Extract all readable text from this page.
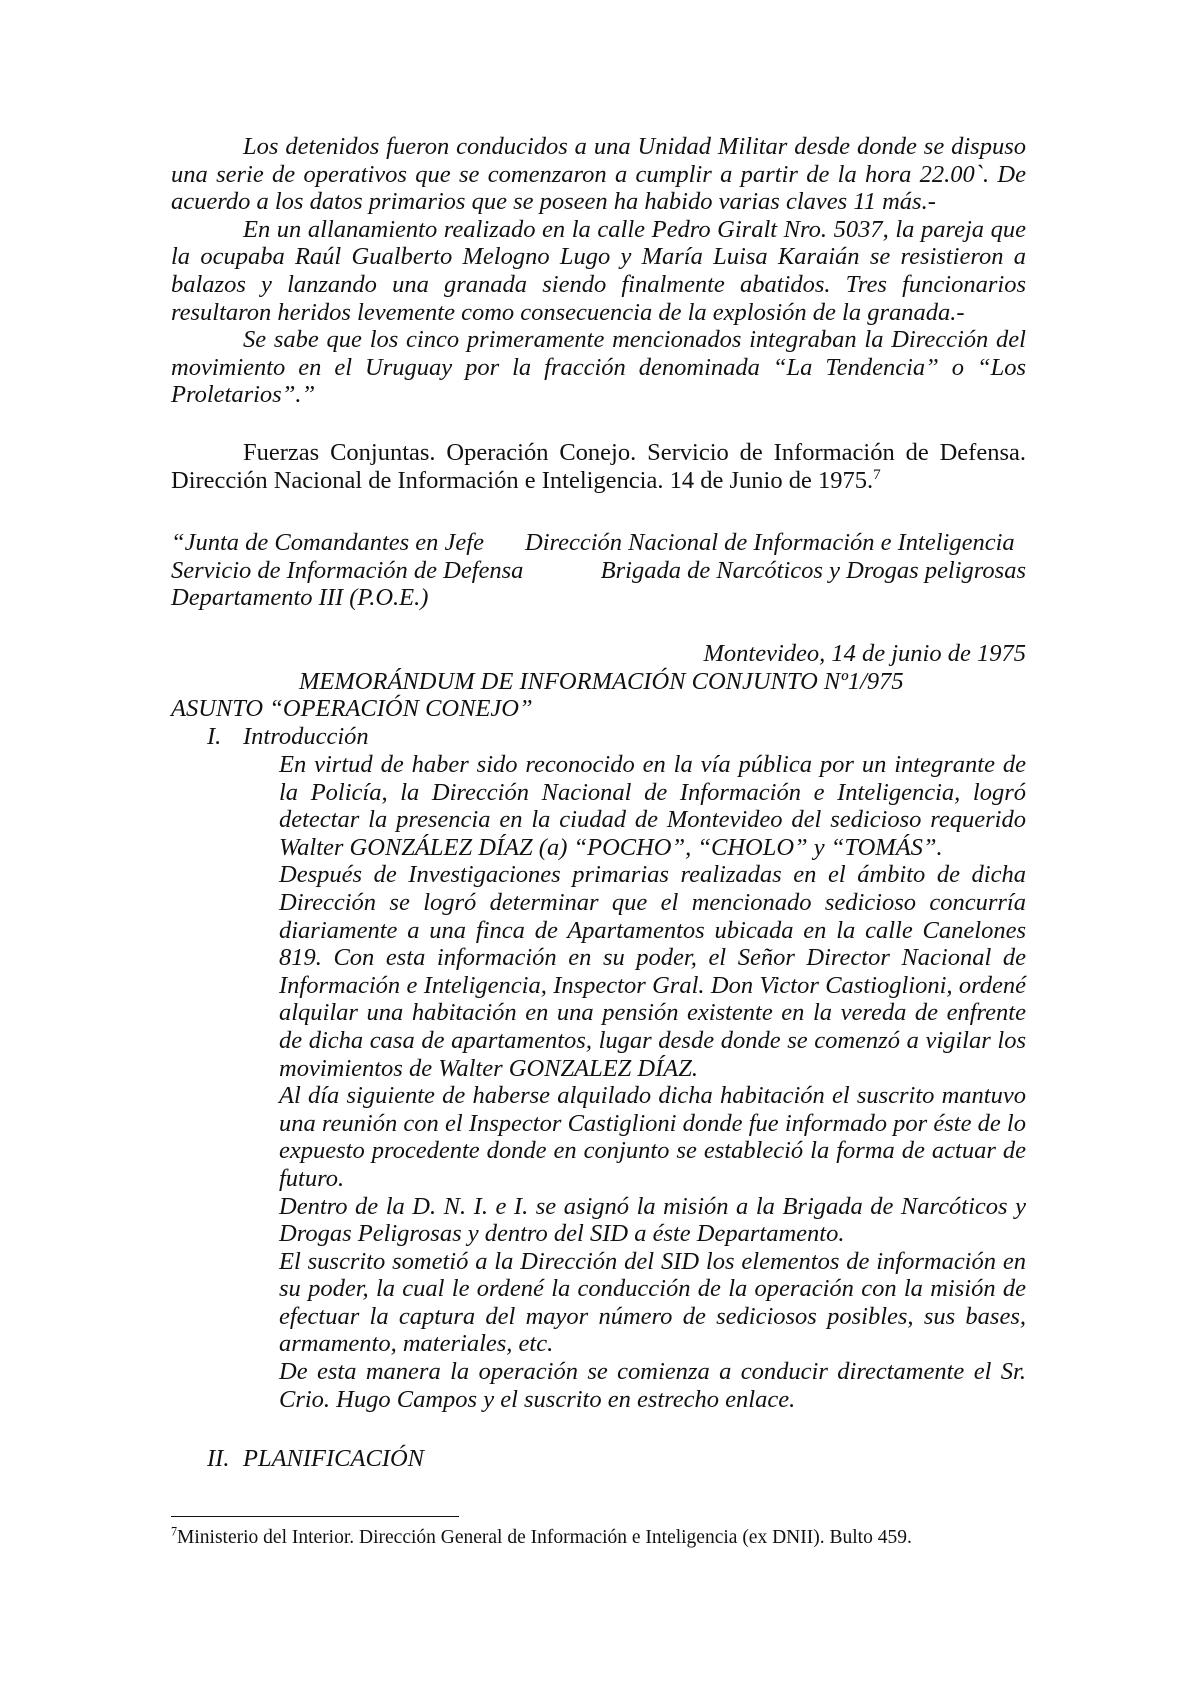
Los detenidos fueron conducidos a una Unidad Militar desde donde se dispuso una serie de operativos que se comenzaron a cumplir a partir de la hora 22.00`. De acuerdo a los datos primarios que se poseen ha habido varias claves 11 más.-

En un allanamiento realizado en la calle Pedro Giralt Nro. 5037, la pareja que la ocupaba Raúl Gualberto Melogno Lugo y María Luisa Karaián se resistieron a balazos y lanzando una granada siendo finalmente abatidos. Tres funcionarios resultaron heridos levemente como consecuencia de la explosión de la granada.-

Se sabe que los cinco primeramente mencionados integraban la Dirección del movimiento en el Uruguay por la fracción denominada “La Tendencia” o “Los Proletarios”.”

Fuerzas Conjuntas. Operación Conejo. Servicio de Información de Defensa. Dirección Nacional de Información e Inteligencia. 14 de Junio de 1975.$^7$

“Junta de Comandantes en Jefe Dirección Nacional de Información e Inteligencia
Servicio de Información de Defensa	Brigada de Narcóticos y Drogas peligrosas
Departamento III (P.O.E.)
Montevideo, 14 de junio de 1975
MEMORÁNDUM DE INFORMACIÓN CONJUNTO Nº1/975
ASUNTO “OPERACIÓN CONEJO”
I. Introducción

En virtud de haber sido reconocido en la vía pública por un integrante de la Policía, la Dirección Nacional de Información e Inteligencia, logró detectar la presencia en la ciudad de Montevideo del sedicioso requerido Walter GONZÁLEZ DÍAZ (a) “POCHO”, “CHOLO” y “TOMÁS”.

Después de Investigaciones primarias realizadas en el ámbito de dicha Dirección se logró determinar que el mencionado sedicioso concurría diariamente a una finca de Apartamentos ubicada en la calle Canelones 819. Con esta información en su poder, el Señor Director Nacional de Información e Inteligencia, Inspector Gral. Don Victor Castioglioni, ordené alquilar una habitación en una pensión existente en la vereda de enfrente de dicha casa de apartamentos, lugar desde donde se comenzó a vigilar los movimientos de Walter GONZALEZ DÍAZ.

Al día siguiente de haberse alquilado dicha habitación el suscrito mantuvo una reunión con el Inspector Castiglioni donde fue informado por éste de lo expuesto procedente donde en conjunto se estableció la forma de actuar de futuro.

Dentro de la D. N. I. e I. se asignó la misión a la Brigada de Narcóticos y Drogas Peligrosas y dentro del SID a éste Departamento.

El suscrito sometió a la Dirección del SID los elementos de información en su poder, la cual le ordené la conducción de la operación con la misión de efectuar la captura del mayor número de sediciosos posibles, sus bases, armamento, materiales, etc.

De esta manera la operación se comienza a conducir directamente el Sr. Crio. Hugo Campos y el suscrito en estrecho enlace.

II. PLANIFICACIÓN
$^7$Ministerio del Interior. Dirección General de Información e Inteligencia (ex DNII). Bulto 459.
